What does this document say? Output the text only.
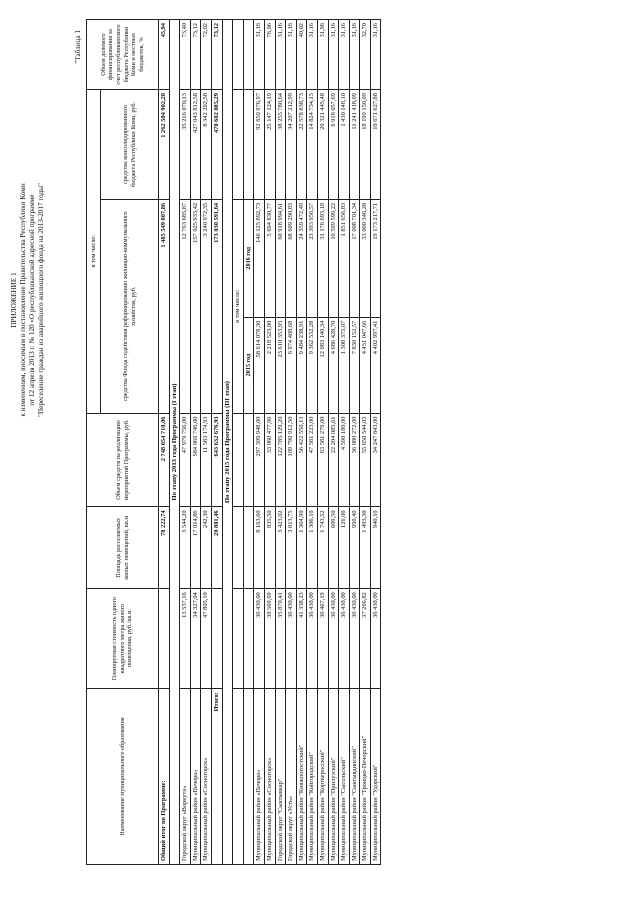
ПРИЛОЖЕНИЕ 1 к изменениям, вносимым в постановление Правительства Республики Коми от 12 апреля 2013 г. № 120 «О республиканской адресной программе "Переселение граждан из аварийного жилищного фонда на 2013-2017 годы"
"Таблица 1
Наименование муниципального образования	Планируемая стоимость одного квадратного метра жилого помещения, руб./кв.м	Площадь расселяемых жилых помещений, кв.м	Объем средств на реализацию мероприятий Программы, руб.	в том числе:			Объем долевого финансирования за счет республиканского бюджета Республики Коми и местных бюджетов, %
				средства Фонда содействия реформированию жилищно-коммунального хозяйства, руб.		средства консолидированного бюджета Республики Коми, руб.	
Общий итог по Программе:		78 222,74	2 748 054 710,06	1 485 549 807,86		1 262 504 902,20	45,94
По этапу 2013 года Программы (I этап)							
Городской округ «Воркута»	13 537,16	3 544,20	47 979 756,00	12 763 685,87		35 216 070,13	73,40
Муниципальный район «Печора»	34 327,04	17 014,86	584 069 746,00	157 025 933,42		427 043 812,58	73,12
Муниципальный район «Сосногорск»	47 805,10	242,30	11 583 174,93	3 240 972,35		8 342 202,58	72,02
Итого:		20 801,46	643 632 676,93	173 030 591,64		470 602 085,29	73,12
По этапу 2015 года Программы (III этап)							
				в том числе:			
				2015 год	2016 год		
Муниципальный район «Печора»	36 430,00	8 163,60	297 399 948,00	58 614 078,30	146 125 892,73	92 659 976,97	31,16
Муниципальный район «Сосногорск»	39 569,69	835,50	33 060 477,96	2 218 523,00	5 694 830,77	25 147 124,19	76,06
Городской округ "Сыктывкар"	35 870,41	3 423,02	122 785 129,20	23 610 353,95	60 918 994,61	38 255 780,64	31,16
Городской округ «Усть»	36 430,00	3 013,75	109 790 912,50	6 974 408,68	68 609 290,83	34 207 212,99	31,16
Муниципальный район "Княжпогостский"	41 338,23	1 364,90	56 422 550,13	9 484 238,91	24 359 472,49	22 578 838,73	40,02
Муниципальный район "Койгородский"	36 430,00	1 306,10	47 581 223,00	9 362 532,28	23 393 956,57	14 824 734,15	31,16
Муниципальный район "Корткеросский"	36 467,19	1 743,52	63 581 279,00	12 083 140,34	31 176 693,18	20 321 445,48	31,96
Муниципальный район "Прилузский"	36 430,00	609,50	22 204 085,61	4 686 428,70	10 599 599,22	6 918 057,69	31,16
Муниципальный район "Сысольский"	36 430,00	126,00	4 590 180,00	1 308 375,07	1 851 656,83	1 430 148,10	31,16
Муниципальный район "Сыктывдинский"	36 430,00	990,40	36 080 272,00	7 830 152,57	17 008 701,34	11 241 418,09	31,16
Муниципальный район "Троицко-Печорский"	37 266,82	1 493,30	55 650 544,03	4 451 047,66	33 000 346,28	18 199 150,09	32,70
Муниципальный район "Удорский"	36 430,00	940,10	34 247 843,00	4 402 997,41	19 173 217,71	10 671 627,88	31,16
